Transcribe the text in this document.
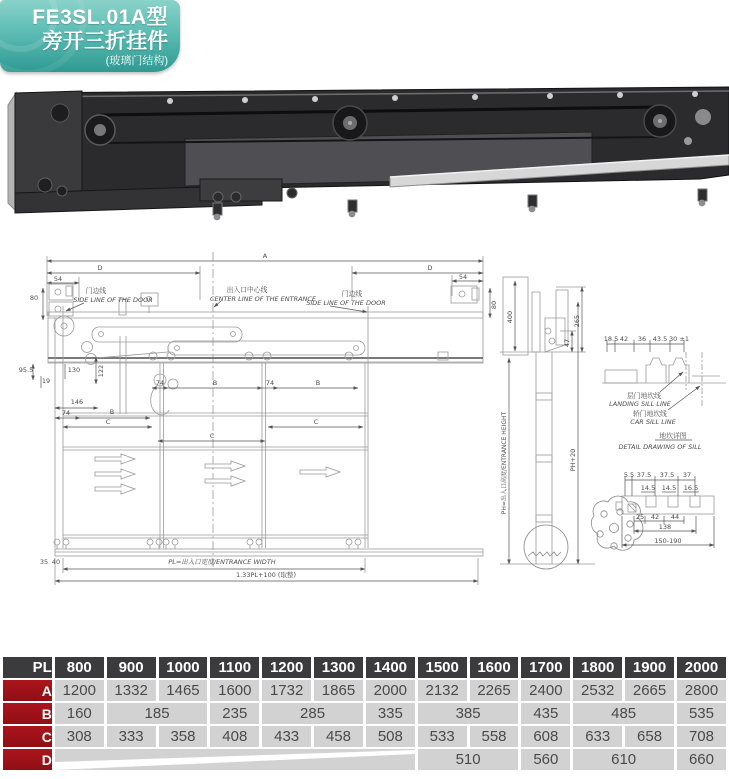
FE3SL.01A型
旁开三折挂件
(玻璃门结构)
A
D	D
54	54
80
80
门边线
SIDE LINE OF THE DOOR
出入口中心线
CENTER LINE OF THE ENTRANCE
门边线
SIDE LINE OF THE DOOR
95.5
19
130	122
146
74	B	74	B
74	B
C	C
C
35 40	PL=出入口宽度/ENTRANCE WIDTH
1.33PL+100 (取整)
400	265
47
PH=出入口高度/ENTRANCE HEIGHT	PH+20
18.5 42 36 43.5 30 ±1
层门地坎线
LANDING SILL LINE
轿门地坎线
CAR SILL LINE
地坎详图
DETAIL DRAWING OF SILL
5.5 37.5 37.5 37
14.5 14.5 16.5
25 42 44
138
150-190
PL	800	900	1000	1100	1200	1300	1400	1500	1600	1700	1800	1900	2000
A	1200	1332	1465	1600	1732	1865	2000	2132	2265	2400	2532	2665	2800
B	160	185		235	285		335	385		435	485		535
C	308	333	358	408	433	458	508	533	558	608	633	658	708
D								510		560	610		660
